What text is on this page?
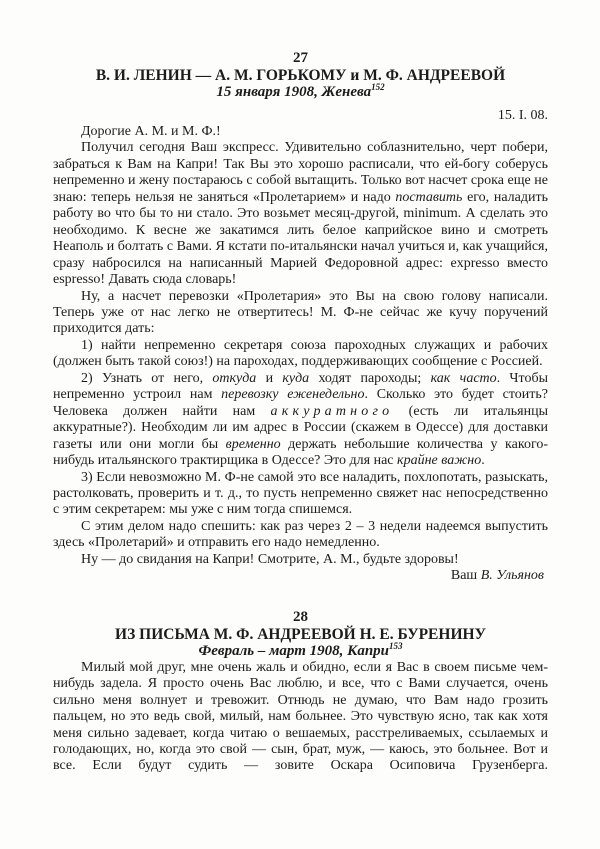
27
В. И. ЛЕНИН — А. М. ГОРЬКОМУ и М. Ф. АНДРЕЕВОЙ
15 января 1908, Женева$^{152}$
15. I. 08.

Дорогие А. М. и М. Ф.!

Получил сегодня Ваш экспресс. Удивительно соблазнительно, черт побери, забраться к Вам на Капри! Так Вы это хорошо расписали, что ей-богу соберусь непременно и жену постараюсь с собой вытащить. Только вот насчет срока еще не знаю: теперь нельзя не заняться «Пролетарием» и надо поставить его, наладить работу во что бы то ни стало. Это возьмет месяц-другой, minimum. А сделать это необходимо. К весне же закатимся лить белое каприйское вино и смотреть Неаполь и болтать с Вами. Я кстати по-итальянски начал учиться и, как учащийся, сразу набросился на написанный Марией Федоровной адрес: expresso вместо espresso! Давать сюда словарь!

Ну, а насчет перевозки «Пролетария» это Вы на свою голову написали. Теперь уже от нас легко не отвертитесь! М. Ф-не сейчас же кучу поручений приходится дать:

1) найти непременно секретаря союза пароходных служащих и рабочих (должен быть такой союз!) на пароходах, поддерживающих сообщение с Россией.

2) Узнать от него, откуда и куда ходят пароходы; как часто. Чтобы непременно устроил нам перевозку еженедельно. Сколько это будет стоить? Человека должен найти нам аккуратного (есть ли итальянцы аккуратные?). Необходим ли им адрес в России (скажем в Одессе) для доставки газеты или они могли бы временно держать небольшие количества у какого-нибудь итальянского трактирщика в Одессе? Это для нас крайне важно.

3) Если невозможно М. Ф-не самой это все наладить, похлопотать, разыскать, растолковать, проверить и т. д., то пусть непременно свяжет нас непосредственно с этим секретарем: мы уже с ним тогда спишемся.

С этим делом надо спешить: как раз через 2 – 3 недели надеемся выпустить здесь «Пролетарий» и отправить его надо немедленно.

Ну — до свидания на Капри! Смотрите, А. М., будьте здоровы!

Ваш В. Ульянов
28
ИЗ ПИСЬМА М. Ф. АНДРЕЕВОЙ Н. Е. БУРЕНИНУ
Февраль – март 1908, Капри$^{153}$

Милый мой друг, мне очень жаль и обидно, если я Вас в своем письме чем-нибудь задела. Я просто очень Вас люблю, и все, что с Вами случается, очень сильно меня волнует и тревожит. Отнюдь не думаю, что Вам надо грозить пальцем, но это ведь свой, милый, нам больнее. Это чувствую ясно, так как хотя меня сильно задевает, когда читаю о вешаемых, расстреливаемых, ссылаемых и голодающих, но, когда это свой — сын, брат, муж, — каюсь, это больнее. Вот и все. Если будут судить — зовите Оскара Осиповича Грузенберга.
